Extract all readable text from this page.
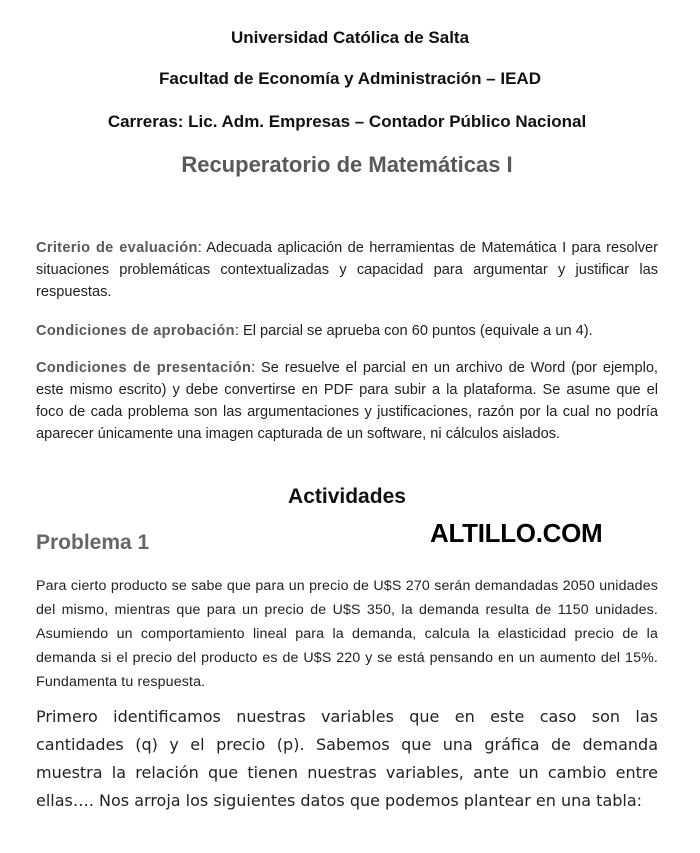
Universidad Católica de Salta
Facultad de Economía y Administración – IEAD
Carreras: Lic. Adm. Empresas – Contador Público Nacional
Recuperatorio de Matemáticas I
Criterio de evaluación: Adecuada aplicación de herramientas de Matemática I para resolver situaciones problemáticas contextualizadas y capacidad para argumentar y justificar las respuestas.
Condiciones de aprobación: El parcial se aprueba con 60 puntos (equivale a un 4).
Condiciones de presentación: Se resuelve el parcial en un archivo de Word (por ejemplo, este mismo escrito) y debe convertirse en PDF para subir a la plataforma. Se asume que el foco de cada problema son las argumentaciones y justificaciones, razón por la cual no podría aparecer únicamente una imagen capturada de un software, ni cálculos aislados.
Actividades
Problema 1	ALTILLO.COM
Para cierto producto se sabe que para un precio de U$S 270 serán demandadas 2050 unidades del mismo, mientras que para un precio de U$S 350, la demanda resulta de 1150 unidades. Asumiendo un comportamiento lineal para la demanda, calcula la elasticidad precio de la demanda si el precio del producto es de U$S 220 y se está pensando en un aumento del 15%. Fundamenta tu respuesta.
Primero identificamos nuestras variables que en este caso son las cantidades (q) y el precio (p). Sabemos que una gráfica de demanda muestra la relación que tienen nuestras variables, ante un cambio entre ellas…. Nos arroja los siguientes datos que podemos plantear en una tabla:
